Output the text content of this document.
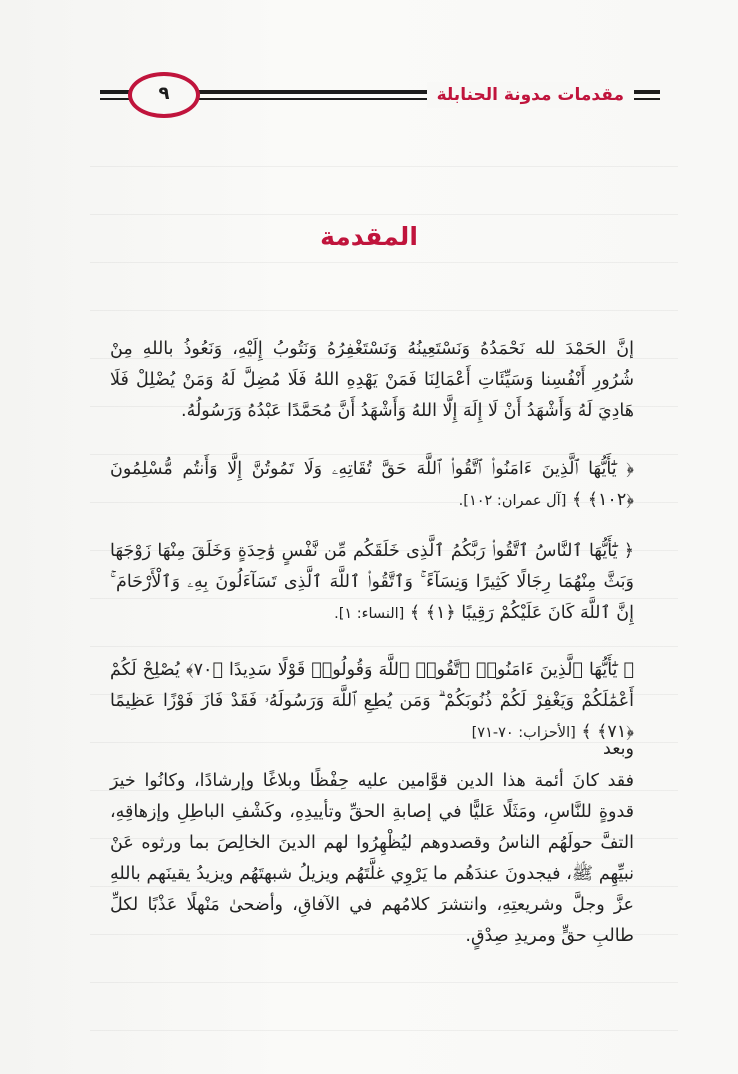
مقدمات مدونة الحنابلة
٩
المقدمة
إنَّ الحَمْدَ لله نَحْمَدُهُ وَنَسْتَعِينُهُ وَنَسْتَغْفِرُهُ وَنَتُوبُ إِلَيْهِ، وَنَعُوذُ باللهِ مِنْ شُرُورِ أَنْفُسِنا وَسَيِّئَاتِ أَعْمَالِنَا فَمَنْ يَهْدِهِ اللهُ فَلَا مُضِلَّ لَهُ وَمَنْ يُضْلِلْ فَلَا هَادِيَ لَهُ وَأَشْهَدُ أَنْ لَا إِلَهَ إِلَّا اللهُ وَأَشْهَدُ أَنَّ مُحَمَّدًا عَبْدُهُ وَرَسُولُهُ.
﴿ يَٰٓأَيُّهَا ٱلَّذِينَ ءَامَنُوا۟ ٱتَّقُوا۟ ٱللَّهَ حَقَّ تُقَاتِهِۦ وَلَا تَمُوتُنَّ إِلَّا وَأَنتُم مُّسْلِمُونَ ﴿١٠٢﴾ ﴾ [آل عمران: ١٠٢].
﴿ يَٰٓأَيُّهَا ٱلنَّاسُ ٱتَّقُوا۟ رَبَّكُمُ ٱلَّذِى خَلَقَكُم مِّن نَّفْسٍ وَٰحِدَةٍ وَخَلَقَ مِنْهَا زَوْجَهَا وَبَثَّ مِنْهُمَا رِجَالًا كَثِيرًا وَنِسَآءً ۚ وَٱتَّقُوا۟ ٱللَّهَ ٱلَّذِى تَسَآءَلُونَ بِهِۦ وَٱلْأَرْحَامَ ۚ إِنَّ ٱللَّهَ كَانَ عَلَيْكُمْ رَقِيبًا ﴿١﴾ ﴾ [النساء: ١].
﴿ يَٰٓأَيُّهَا ٱلَّذِينَ ءَامَنُوا۟ ٱتَّقُوا۟ ٱللَّهَ وَقُولُوا۟ قَوْلًا سَدِيدًا ﴿٧٠﴾ يُصْلِحْ لَكُمْ أَعْمَٰلَكُمْ وَيَغْفِرْ لَكُمْ ذُنُوبَكُمْ ۗ وَمَن يُطِعِ ٱللَّهَ وَرَسُولَهُۥ فَقَدْ فَازَ فَوْزًا عَظِيمًا ﴿٧١﴾ ﴾ [الأحزاب: ٧٠-٧١]
وبعد
فقد كانَ أئمة هذا الدين قوَّامين عليه حِفْظًا وبلاغًا وإرشادًا، وكانُوا خيرَ قدوةٍ للنَّاسِ، ومَثَلًا عَليًّا في إصابةِ الحقِّ وتأييدِهِ، وكَشْفِ الباطِلِ وإزهاقِهِ، التفَّ حولَهُم الناسُ وقصدوهم ليُظْهِرُوا لهم الدينَ الخالِصَ بما ورثوه عَنْ نبيِّهِم ﷺ، فيجدونَ عندَهُم ما يَرْوِي غلَّتَهُم ويزيلُ شبهتَهُم ويزيدُ يقينَهم باللهِ عزَّ وجلَّ وشريعتِهِ، وانتشرَ كلامُهم في الآفاقِ، وأضحىٰ مَنْهلًا عَذْبًا لكلِّ طالبِ حقٍّ ومريدِ صِدْقٍ.
